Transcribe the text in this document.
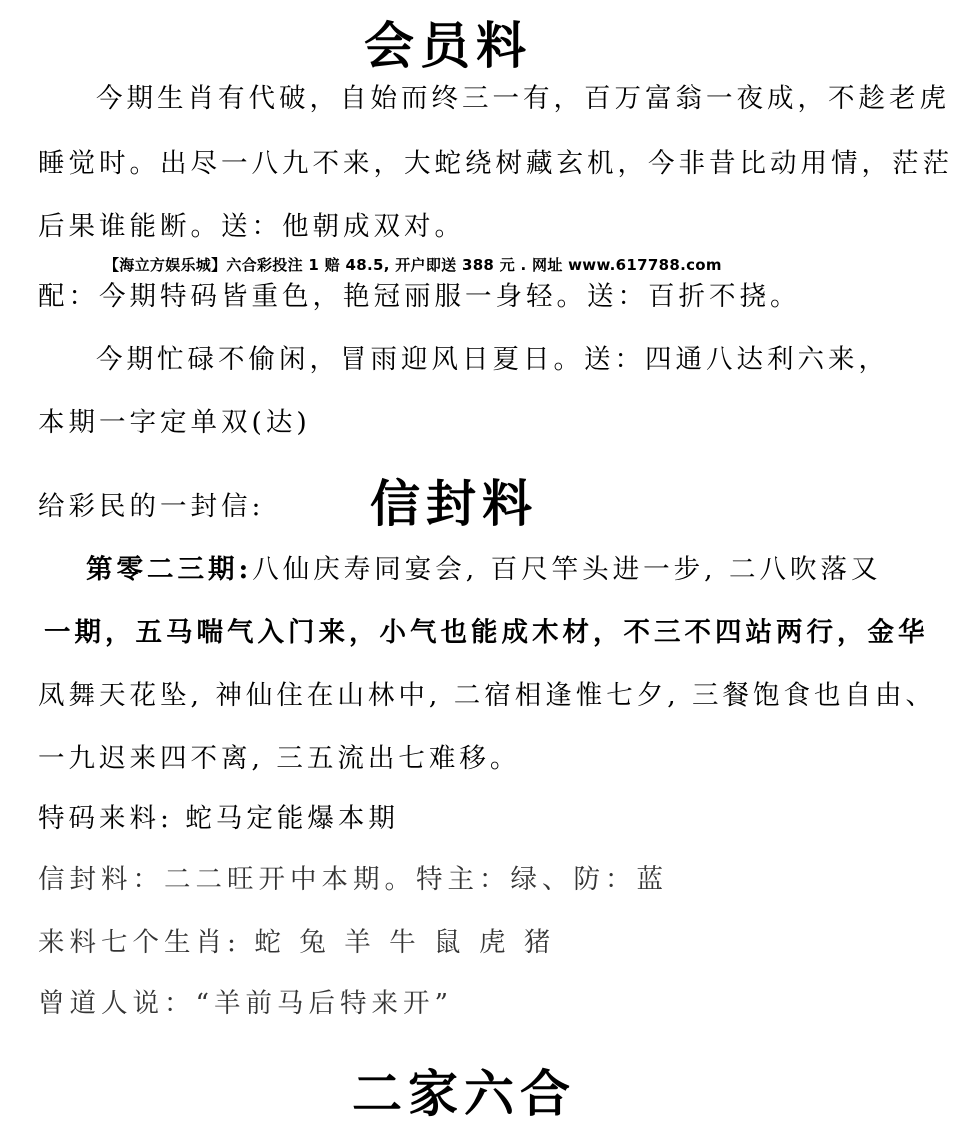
会员料
今期生肖有代破，自始而终三一有，百万富翁一夜成，不趁老虎
睡觉时。出尽一八九不来，大蛇绕树藏玄机，今非昔比动用情，茫茫
后果谁能断。送：他朝成双对。
【海立方娱乐城】六合彩投注 1 赔 48.5, 开户即送 388 元 . 网址 www.617788.com
配：今期特码皆重色，艳冠丽服一身轻。送：百折不挠。
今期忙碌不偷闲，冒雨迎风日夏日。送：四通八达利六来，
本期一字定单双(达)
给彩民的一封信: 信封料
第零二三期:八仙庆寿同宴会, 百尺竿头进一步, 二八吹落又
一期，五马喘气入门来，小气也能成木材，不三不四站两行，金华
凤舞天花坠, 神仙住在山林中, 二宿相逢惟七夕, 三餐饱食也自由、
一九迟来四不离, 三五流出七难移。
特码来料: 蛇马定能爆本期
信封料：二二旺开中本期。特主：绿、防：蓝
来料七个生肖: 蛇 兔 羊 牛 鼠 虎 猪
曾道人说：“羊前马后特来开”
二家六合
